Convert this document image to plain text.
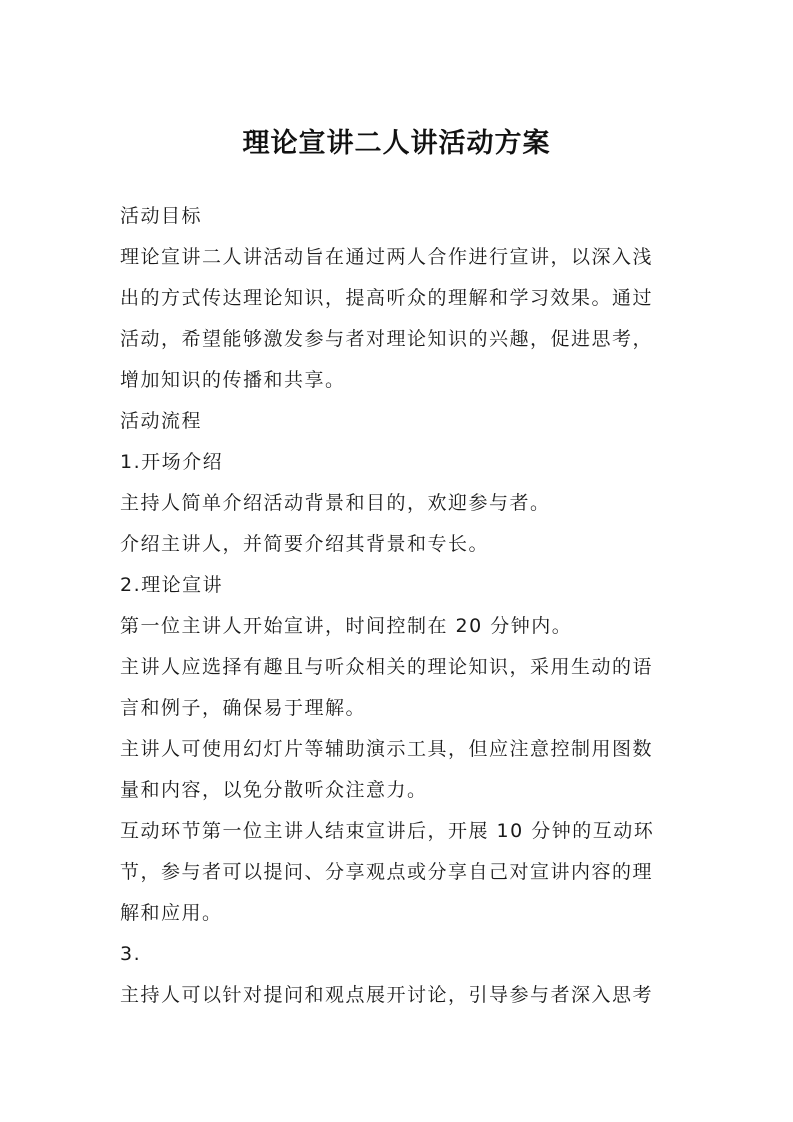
理论宣讲二人讲活动方案
活动目标
理论宣讲二人讲活动旨在通过两人合作进行宣讲，以深入浅
出的方式传达理论知识，提高听众的理解和学习效果。通过
活动，希望能够激发参与者对理论知识的兴趣，促进思考，
增加知识的传播和共享。
活动流程
1.开场介绍
主持人简单介绍活动背景和目的，欢迎参与者。
介绍主讲人，并简要介绍其背景和专长。
2.理论宣讲
第一位主讲人开始宣讲，时间控制在 20 分钟内。
主讲人应选择有趣且与听众相关的理论知识，采用生动的语
言和例子，确保易于理解。
主讲人可使用幻灯片等辅助演示工具，但应注意控制用图数
量和内容，以免分散听众注意力。
互动环节第一位主讲人结束宣讲后，开展 10 分钟的互动环
节，参与者可以提问、分享观点或分享自己对宣讲内容的理
解和应用。
3.
主持人可以针对提问和观点展开讨论，引导参与者深入思考
